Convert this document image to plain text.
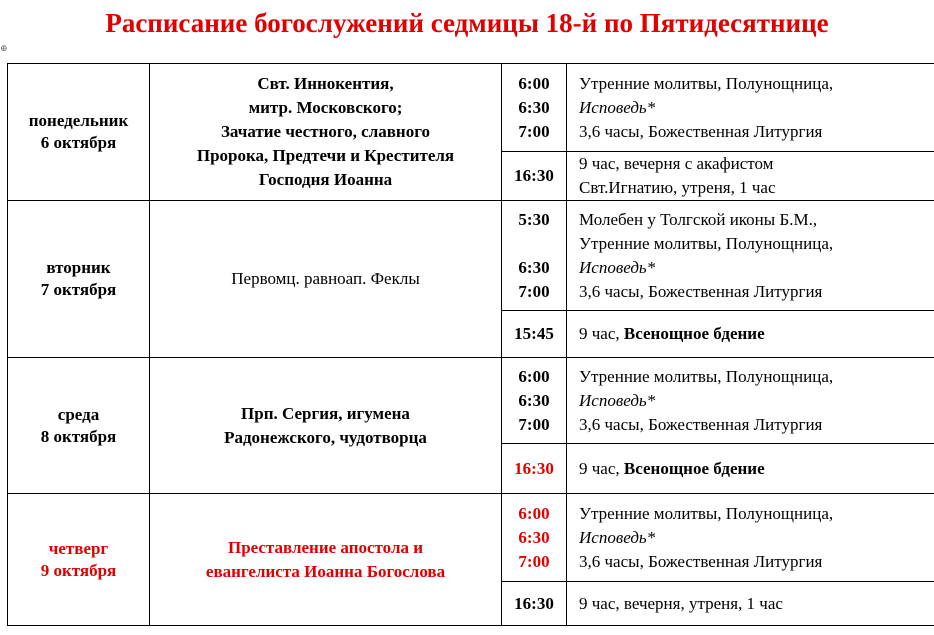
Расписание богослужений седмицы 18-й по Пятидесятнице
⊕
понедельник
6 октября	Свт. Иннокентия,
митр. Московского;
Зачатие честного, славного
Пророка, Предтечи и Крестителя
Господня Иоанна	6:00
6:30
7:00	Утренние молитвы, Полунощница,
Исповедь*
3,6 часы, Божественная Литургия

		16:30	9 час, вечерня с акафистом
Свт.Игнатию, утреня, 1 час

вторник
7 октября	Первомц. равноап. Феклы	5:30
6:30
7:00	Молебен у Толгской иконы Б.М.,
Утренние молитвы, Полунощница,
Исповедь*
3,6 часы, Божественная Литургия

		15:45	9 час, Всенощное бдение

среда
8 октября	Прп. Сергия, игумена
Радонежского, чудотворца	6:00
6:30
7:00	Утренние молитвы, Полунощница,
Исповедь*
3,6 часы, Божественная Литургия

		16:30	9 час, Всенощное бдение

четверг
9 октября	Преставление апостола и
евангелиста Иоанна Богослова	6:00
6:30
7:00	Утренние молитвы, Полунощница,
Исповедь*
3,6 часы, Божественная Литургия

		16:30	9 час, вечерня, утреня, 1 час
